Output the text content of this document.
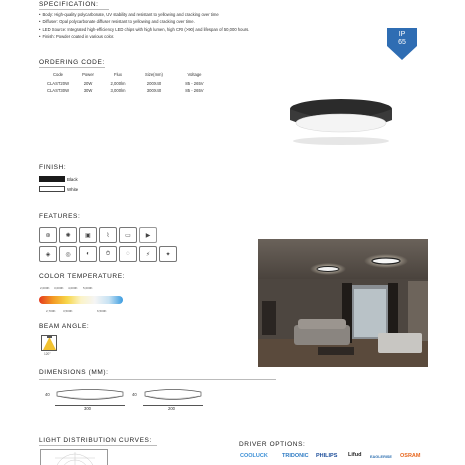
SPECIFICATION:
• Body: High-quality polycarbonate, UV stability and resistant to yellowing and cracking over time
• Diffuser: Opal polycarbonate diffuser resistant to yellowing and cracking over time.
• LED Source: Integrated high-efficiency LED chips with high lumen, high CRI (>90) and lifespan of 50,000 hours.
• Finish: Powder coated in various color.	IP
65
ORDERING CODE:
Code	Power	Flux	Size(mm)	Voltage
CLAST20W	20W	2,000lm	200X40	85 - 265V
CLAST30W	30W	3,000lm	300X40	85 - 265V
FINISH:
Black
White
FEATURES:
⊛	✺	▣	⌇	▭	▶
◈	◎	◐	⏱	◌	⚡	✦
COLOR TEMPERATURE:
2,000K 3,000K 4,000K 5,000K
2,700K 3,500K	6,500K
BEAM ANGLE:
120°
DIMENSIONS (MM):
40
300
40
200
LIGHT DISTRIBUTION CURVES:
DRIVER OPTIONS:
COOLUCK	TRIDONIC PHILIPS Lifud EAGLERISE OSRAM
